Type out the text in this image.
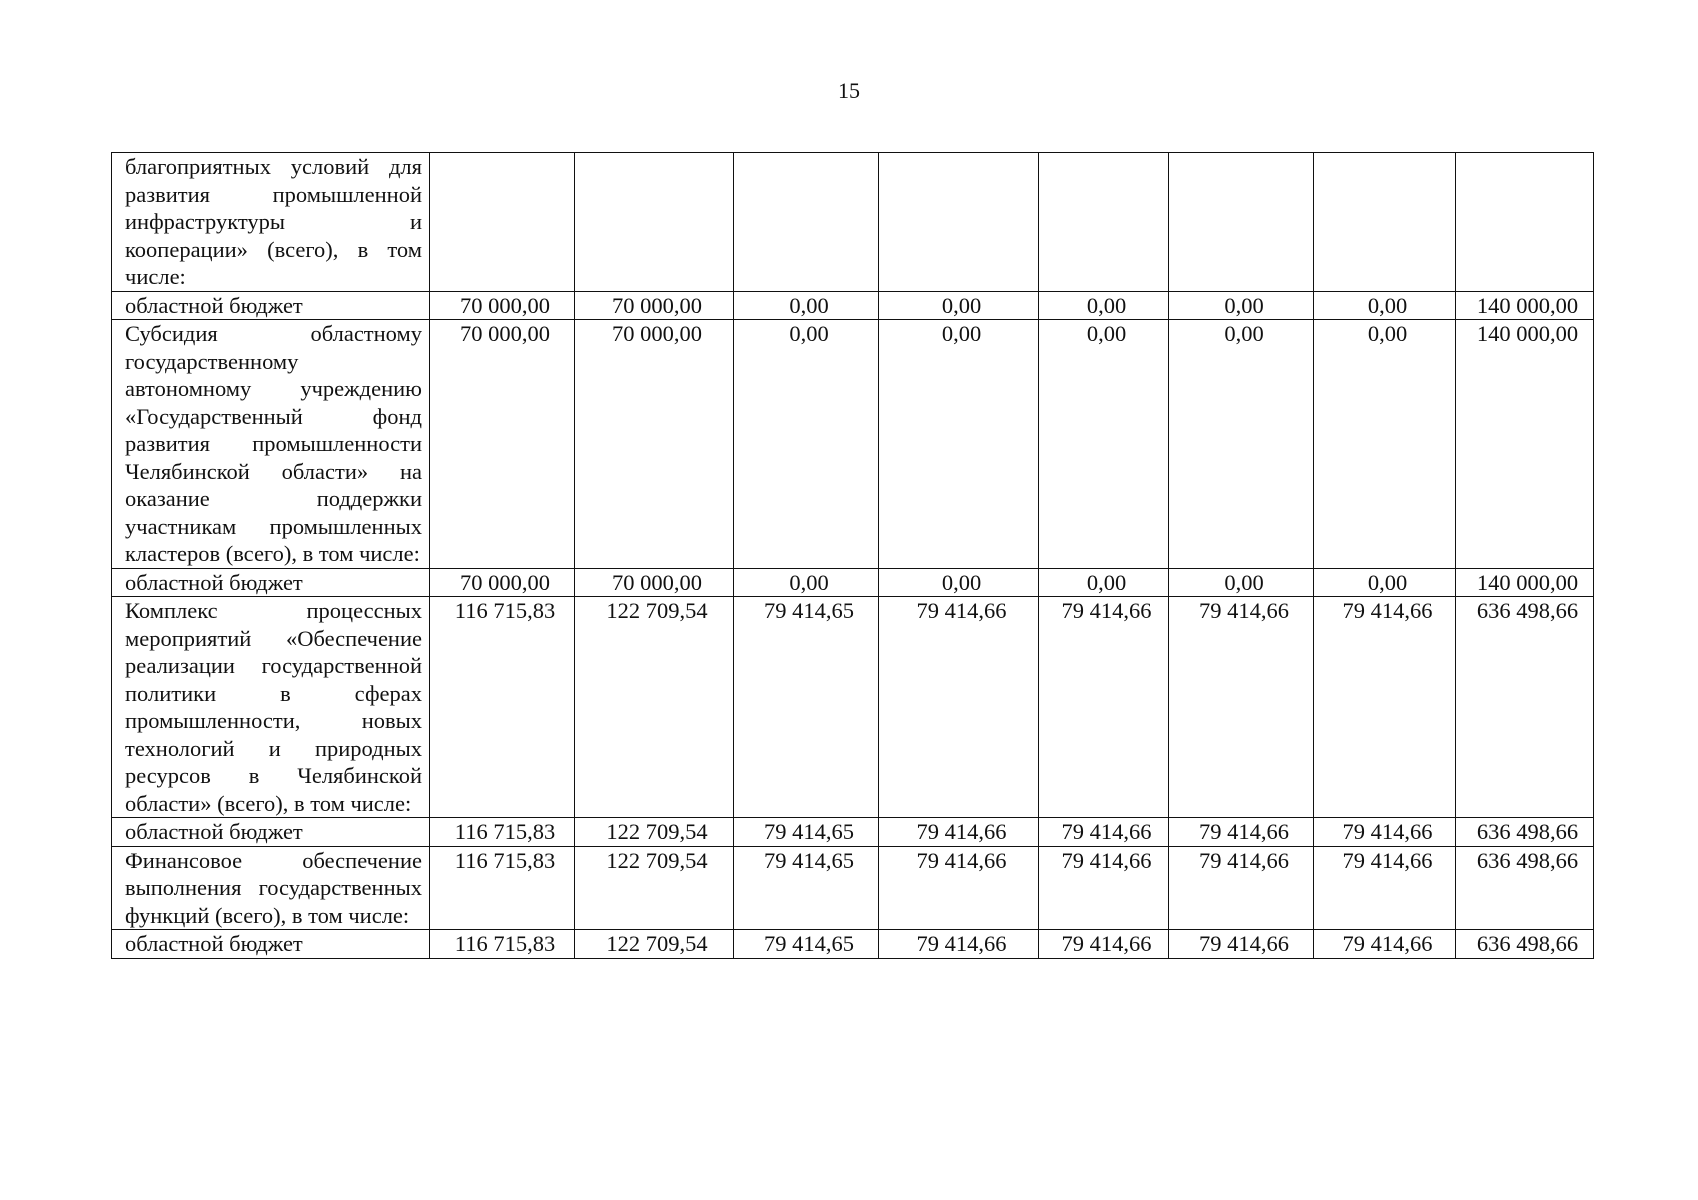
15
благоприятных условий для развития промышленной инфраструктуры и кооперации» (всего), в том числе:								
областной бюджет	70 000,00	70 000,00	0,00	0,00	0,00	0,00	0,00	140 000,00
Субсидия областному государственному автономному учреждению «Государственный фонд развития промышленности Челябинской области» на оказание поддержки участникам промышленных кластеров (всего), в том числе:	70 000,00	70 000,00	0,00	0,00	0,00	0,00	0,00	140 000,00
областной бюджет	70 000,00	70 000,00	0,00	0,00	0,00	0,00	0,00	140 000,00
Комплекс процессных мероприятий «Обеспечение реализации государственной политики в сферах промышленности, новых технологий и природных ресурсов в Челябинской области» (всего), в том числе:	116 715,83	122 709,54	79 414,65	79 414,66	79 414,66	79 414,66	79 414,66	636 498,66
областной бюджет	116 715,83	122 709,54	79 414,65	79 414,66	79 414,66	79 414,66	79 414,66	636 498,66
Финансовое обеспечение выполнения государственных функций (всего), в том числе:	116 715,83	122 709,54	79 414,65	79 414,66	79 414,66	79 414,66	79 414,66	636 498,66
областной бюджет	116 715,83	122 709,54	79 414,65	79 414,66	79 414,66	79 414,66	79 414,66	636 498,66
